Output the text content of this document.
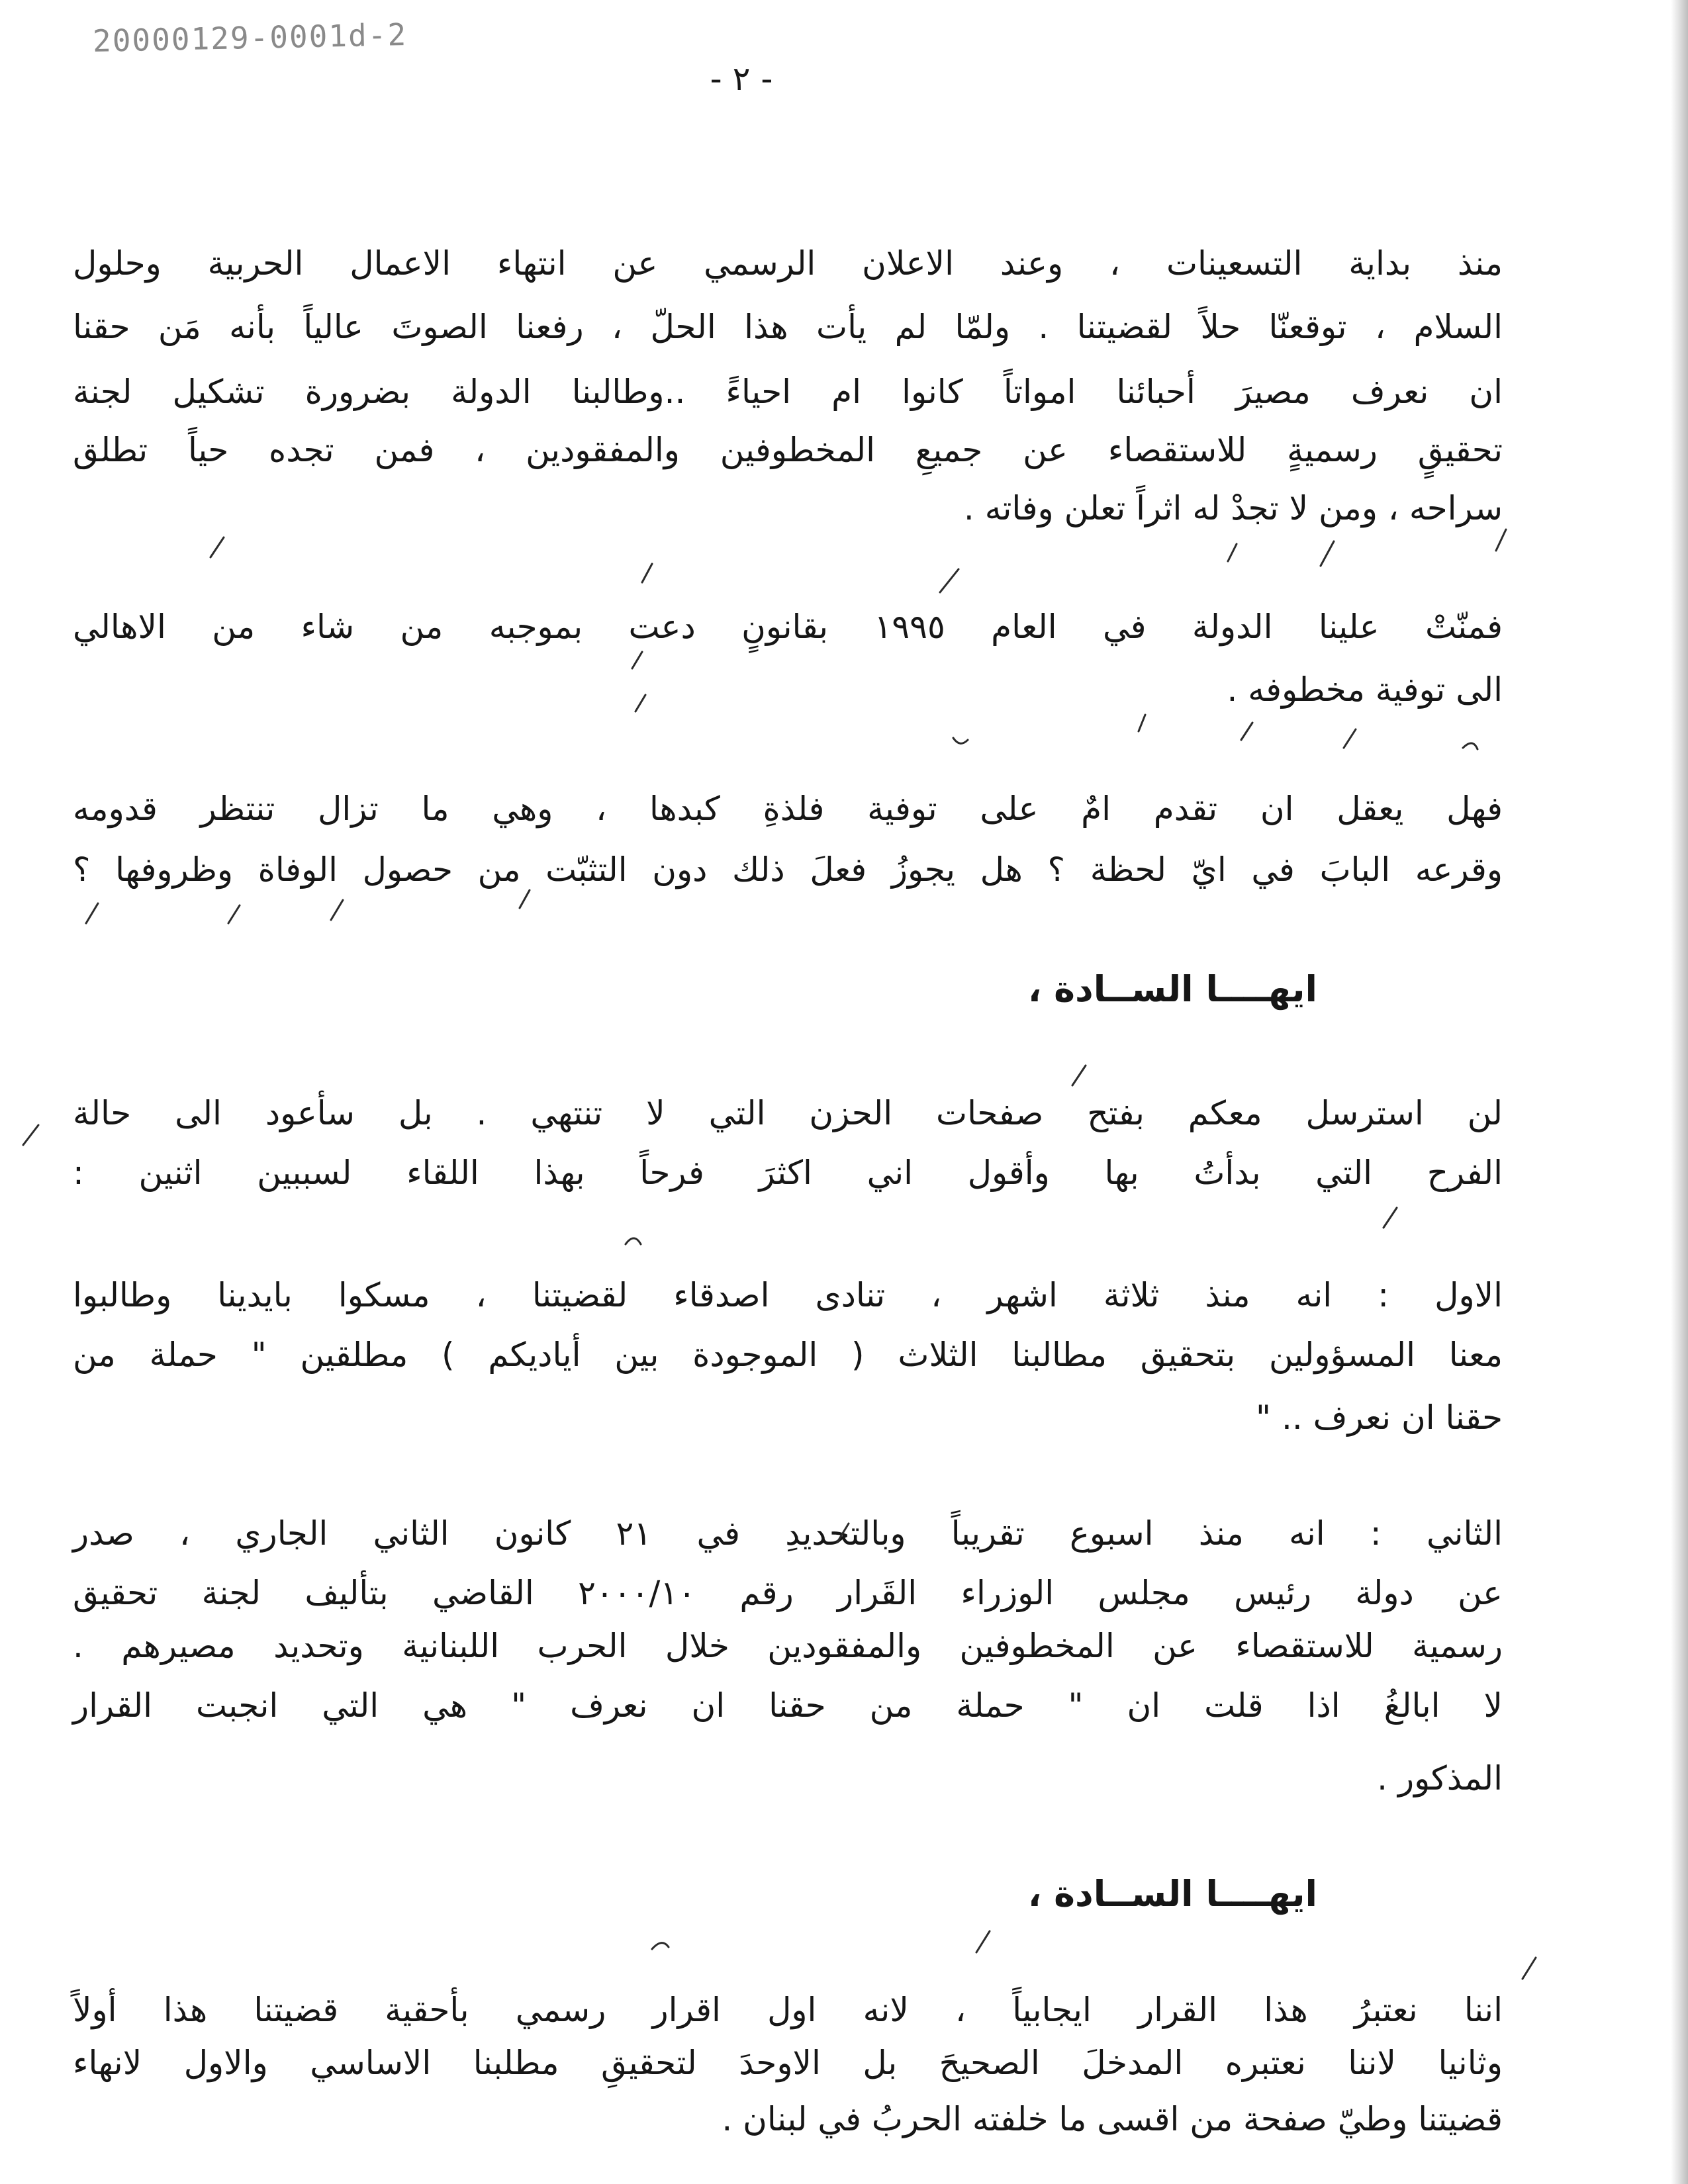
20000129-0001d-2
- ٢ -
منذ بداية التسعينات ، وعند الاعلان الرسمي عن انتهاء الاعمال الحربية وحلول
السلام ، توقعنّا حلاً لقضيتنا . ولمّا لم يأت هذا الحلّ ، رفعنا الصوتَ عالياً بأنه مَن حقنا
ان نعرف مصيرَ أحبائنا امواتاً كانوا ام احياءً ..وطالبنا الدولة بضرورة تشكيل لجنة
تحقيقٍ رسميةٍ للاستقصاء عن جميعِ المخطوفين والمفقودين ، فمن تجده حياً تطلق
سراحه ، ومن لا تجدْ له اثراً تعلن وفاته .
فمنّتْ علينا الدولة في العام ١٩٩٥ بقانونٍ دعت بموجبه من شاء من الاهالي
الى توفية مخطوفه .
فهل يعقل ان تقدم امٌ على توفية فلذةِ كبدها ، وهي ما تزال تنتظر قدومه
وقرعه البابَ في ايّ لحظة ؟ هل يجوزُ فعلَ ذلك دون التثبّت من حصول الوفاة وظروفها ؟
ايهــــا الســادة ،
لن استرسل معكم بفتح صفحات الحزن التي لا تنتهي . بل سأعود الى حالة
الفرح التي بدأتُ بها وأقول اني اكثرَ فرحاً بهذا اللقاء لسببين اثنين :
الاول : انه منذ ثلاثة اشهر ، تنادى اصدقاء لقضيتنا ، مسكوا بايدينا وطالبوا
معنا المسؤولين بتحقيق مطالبنا الثلاث ( الموجودة بين أياديكم ) مطلقين " حملة من
حقنا ان نعرف .. "
الثاني : انه منذ اسبوع تقريباً وبالتحديدِ في ٢١ كانون الثاني الجاري ، صدر
عن دولة رئيس مجلس الوزراء القَرار رقم ٢٠٠٠/١٠ القاضي بتأليف لجنة تحقيق
رسمية للاستقصاء عن المخطوفين والمفقودين خلال الحرب اللبنانية وتحديد مصيرهم .
لا ابالغُ اذا قلت ان " حملة من حقنا ان نعرف " هي التي انجبت القرار
المذكور .
ايهــــا الســادة ،
اننا نعتبرُ هذا القرار ايجابياً ، لانه اول اقرار رسمي بأحقية قضيتنا هذا أولاً
وثانيا لاننا نعتبره المدخلَ الصحيحَ بل الاوحدَ لتحقيقِ مطلبنا الاساسي والاول لانهاء
قضيتنا وطيّ صفحة من اقسى ما خلفته الحربُ في لبنان .
